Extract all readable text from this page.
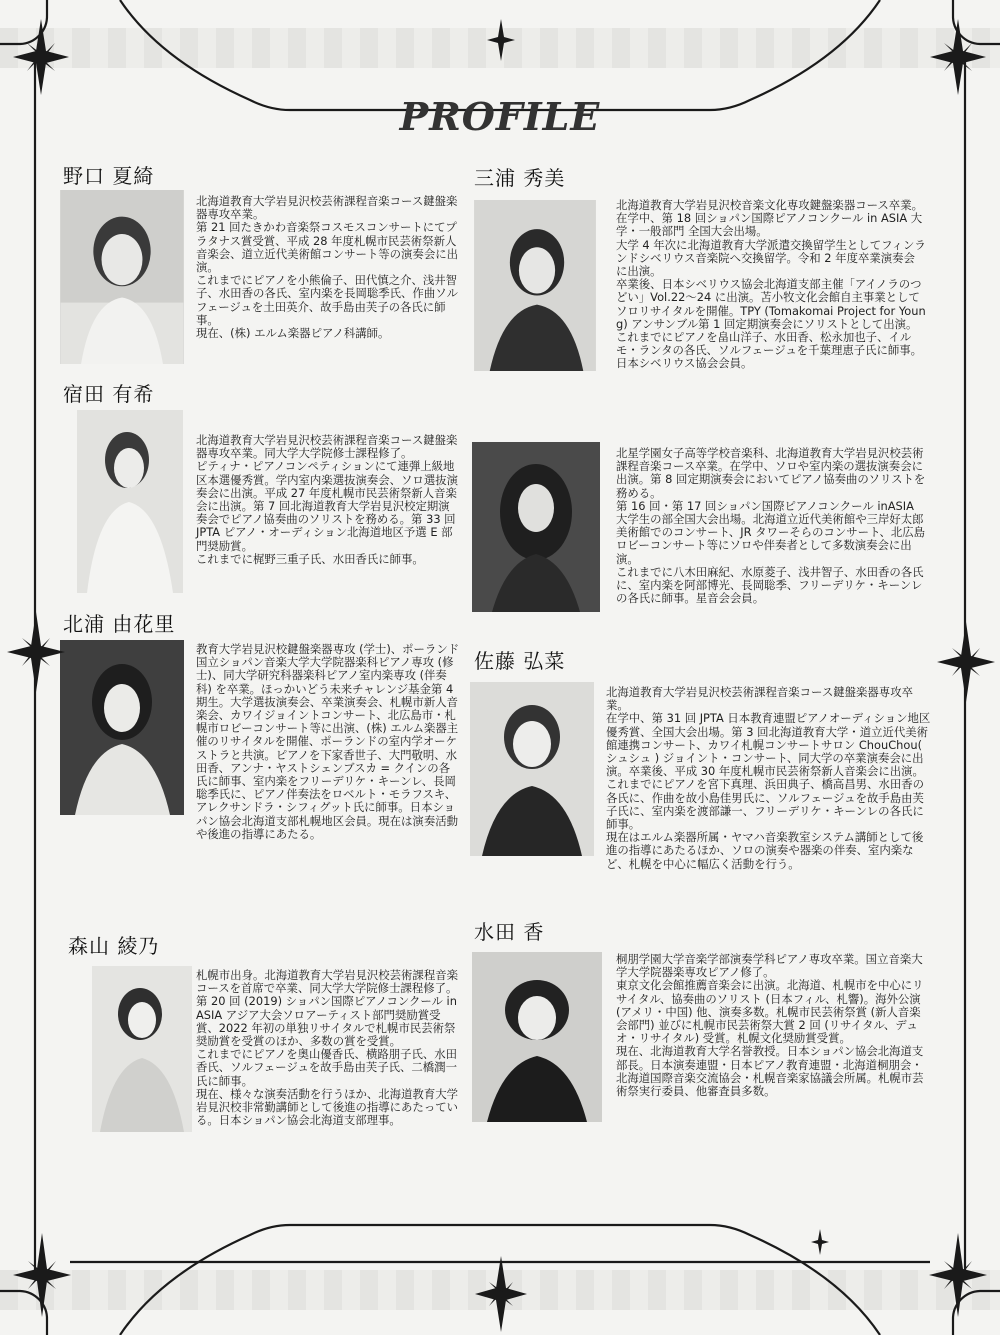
PROFILE
野口 夏綺
北海道教育大学岩見沢校芸術課程音楽コース鍵盤楽器専攻卒業。
第 21 回たきかわ音楽祭コスモスコンサートにてプラタナス賞受賞、平成 28 年度札幌市民芸術祭新人音楽会、道立近代美術館コンサート等の演奏会に出演。
これまでにピアノを小熊倫子、田代慎之介、浅井智子、水田香の各氏、室内楽を長岡聡季氏、作曲ソルフェージュを土田英介、故手島由芙子の各氏に師事。
現在、(株) エルム楽器ピアノ科講師。
三浦 秀美
北海道教育大学岩見沢校音楽文化専攻鍵盤楽器コース卒業。
在学中、第 18 回ショパン国際ピアノコンクール in ASIA 大学・一般部門 全国大会出場。
大学 4 年次に北海道教育大学派遣交換留学生としてフィンランドシベリウス音楽院へ交換留学。令和 2 年度卒業演奏会に出演。
卒業後、日本シベリウス協会北海道支部主催「アイノラのつどい」Vol.22〜24 に出演。苫小牧文化会館自主事業としてソロリサイタルを開催。TPY (Tomakomai Project for Young) アンサンブル第 1 回定期演奏会にソリストとして出演。
これまでにピアノを畠山洋子、水田香、松永加也子、イルモ・ランタの各氏、ソルフェージュを千葉理恵子氏に師事。日本シベリウス協会会員。
宿田 有希
北海道教育大学岩見沢校芸術課程音楽コース鍵盤楽器専攻卒業。同大学大学院修士課程修了。
ピティナ・ピアノコンペティションにて連弾上級地区本選優秀賞。学内室内楽選抜演奏会、ソロ選抜演奏会に出演。平成 27 年度札幌市民芸術祭新人音楽会に出演。第 7 回北海道教育大学岩見沢校定期演奏会でピアノ協奏曲のソリストを務める。第 33 回 JPTA ピアノ・オーディション北海道地区予選 E 部門奨励賞。
これまでに梶野三重子氏、水田香氏に師事。
北星学園女子高等学校音楽科、北海道教育大学岩見沢校芸術課程音楽コース卒業。在学中、ソロや室内楽の選抜演奏会に出演。第 8 回定期演奏会においてピアノ協奏曲のソリストを務める。
第 16 回・第 17 回ショパン国際ピアノコンクール inASIA 大学生の部全国大会出場。北海道立近代美術館や三岸好太郎美術館でのコンサート、JR タワーそらのコンサート、北広島ロビーコンサート等にソロや伴奏者として多数演奏会に出演。
これまでに八木田麻紀、水原菱子、浅井智子、水田香の各氏に、室内楽を阿部博光、長岡聡季、フリーデリケ・キーンレの各氏に師事。星音会会員。
北浦 由花里
教育大学岩見沢校鍵盤楽器専攻 (学士)、ポーランド国立ショパン音楽大学大学院器楽科ピアノ専攻 (修士)、同大学研究科器楽科ピアノ室内楽専攻 (伴奏科) を卒業。ほっかいどう未来チャレンジ基金第 4 期生。大学選抜演奏会、卒業演奏会、札幌市新人音楽会、カワイジョイントコンサート、北広島市・札幌市ロビーコンサート等に出演、(株) エルム楽器主催のリサイタルを開催、ポーランドの室内学オーケストラと共演。ピアノを下家香世子、大門敬明、水田香、アンナ・ヤストシェンブスカ = クインの各氏に師事、室内楽をフリーデリケ・キーンレ、長岡聡季氏に、ピアノ伴奏法をロベルト・モラフスキ、アレクサンドラ・シフィグット氏に師事。日本ショパン協会北海道支部札幌地区会員。現在は演奏活動や後進の指導にあたる。
佐藤 弘菜
北海道教育大学岩見沢校芸術課程音楽コース鍵盤楽器専攻卒業。
在学中、第 31 回 JPTA 日本教育連盟ピアノオーディション地区優秀賞、全国大会出場。第 3 回北海道教育大学・道立近代美術館連携コンサート、カワイ札幌コンサートサロン ChouChou( シュシュ ) ジョイント・コンサート、同大学の卒業演奏会に出演。卒業後、平成 30 年度札幌市民芸術祭新人音楽会に出演。
これまでにピアノを宮下真理、浜田典子、橋高昌男、水田香の各氏に、作曲を故小島佳男氏に、ソルフェージュを故手島由芙子氏に、室内楽を渡部謙一、フリーデリケ・キーンレの各氏に師事。
現在はエルム楽器所属・ヤマハ音楽教室システム講師として後進の指導にあたるほか、ソロの演奏や器楽の伴奏、室内楽など、札幌を中心に幅広く活動を行う。
森山 綾乃
札幌市出身。北海道教育大学岩見沢校芸術課程音楽コースを首席で卒業、同大学大学院修士課程修了。
第 20 回 (2019) ショパン国際ピアノコンクール inASIA アジア大会ソロアーティスト部門奨励賞受賞、2022 年初の単独リサイタルで札幌市民芸術祭奨励賞を受賞のほか、多数の賞を受賞。
これまでにピアノを奥山優香氏、横路朋子氏、水田香氏、ソルフェージュを故手島由芙子氏、二橋潤一氏に師事。
現在、様々な演奏活動を行うほか、北海道教育大学岩見沢校非常勤講師として後進の指導にあたっている。日本ショパン協会北海道支部理事。
水田 香
桐朋学園大学音楽学部演奏学科ピアノ専攻卒業。国立音楽大学大学院器楽専攻ピアノ修了。
東京文化会館推薦音楽会に出演。北海道、札幌市を中心にリサイタル、協奏曲のソリスト (日本フィル、札響)。海外公演 (アメリ・中国) 他、演奏多数。札幌市民芸術祭賞 (新人音楽会部門) 並びに札幌市民芸術祭大賞 2 回 (リサイタル、デュオ・リサイタル) 受賞。札幌文化奨励賞受賞。
現在、北海道教育大学名誉教授。日本ショパン協会北海道支部長。日本演奏連盟・日本ピアノ教育連盟・北海道桐朋会・北海道国際音楽交流協会・札幌音楽家協議会所属。札幌市芸術祭実行委員、他審査員多数。
